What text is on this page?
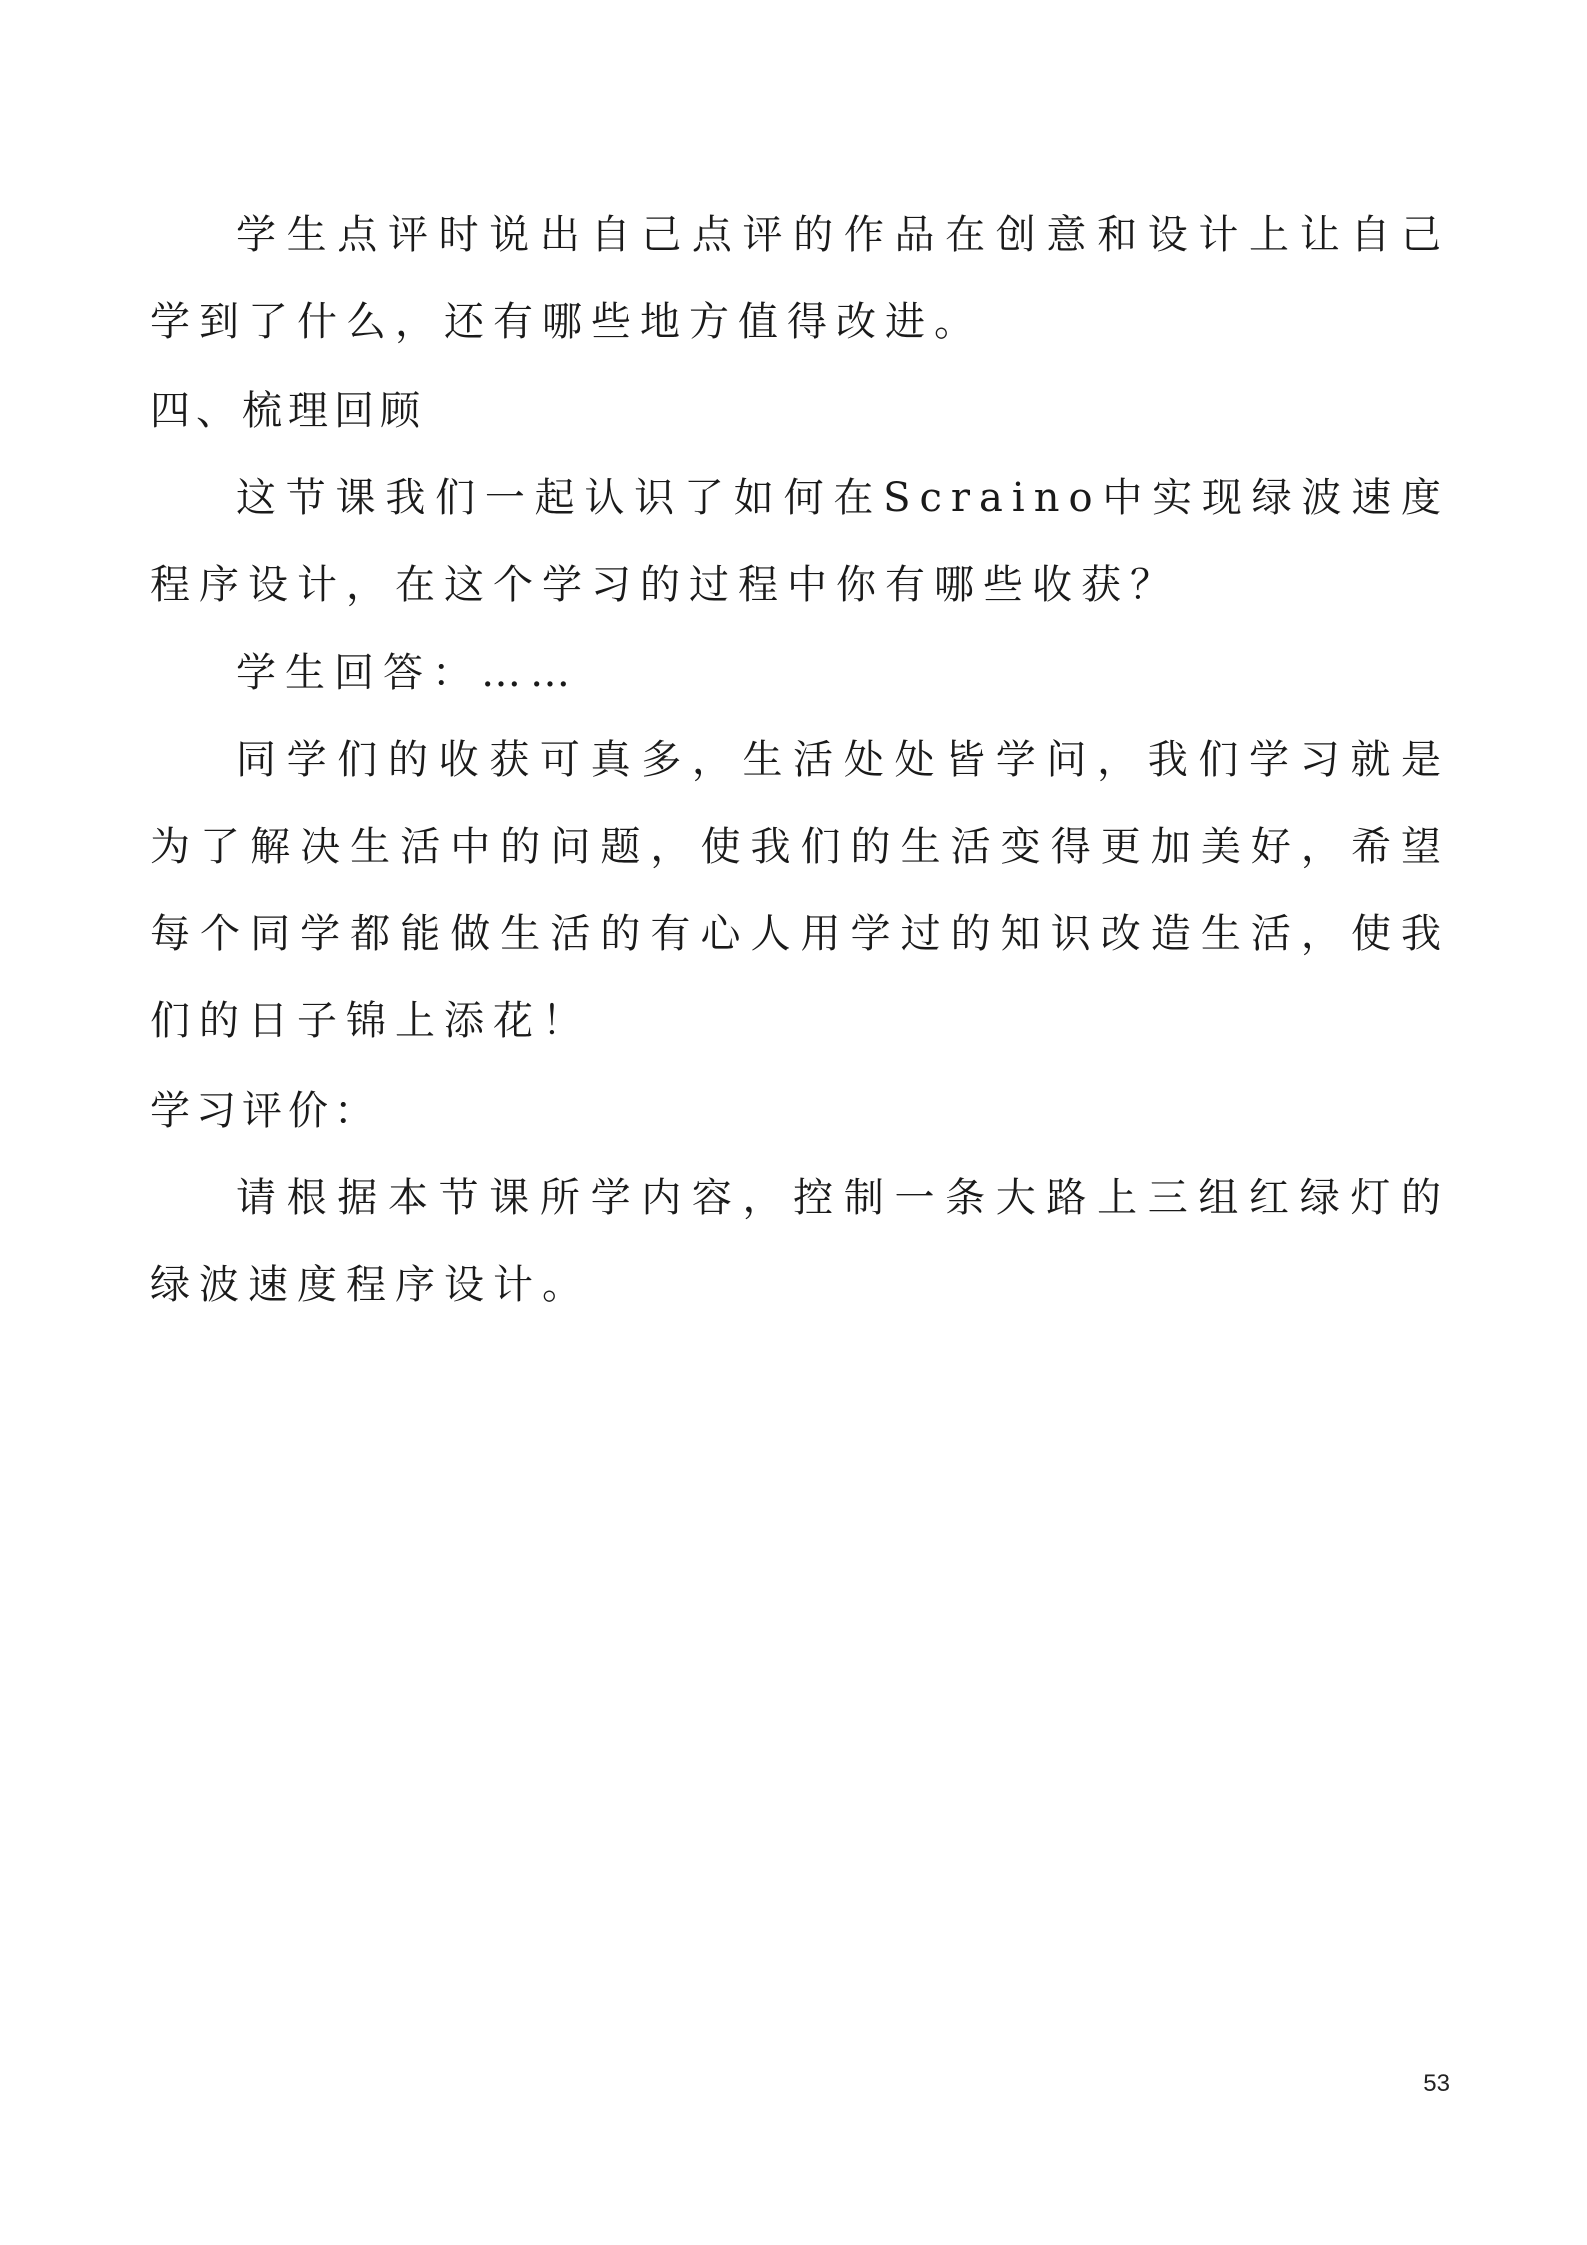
学生点评时说出自己点评的作品在创意和设计上让自己学到了什么，还有哪些地方值得改进。

四、梳理回顾

这节课我们一起认识了如何在Scraino中实现绿波速度程序设计，在这个学习的过程中你有哪些收获？

学生回答：……

同学们的收获可真多，生活处处皆学问，我们学习就是为了解决生活中的问题，使我们的生活变得更加美好，希望每个同学都能做生活的有心人用学过的知识改造生活，使我们的日子锦上添花！

学习评价：

请根据本节课所学内容，控制一条大路上三组红绿灯的绿波速度程序设计。

53
